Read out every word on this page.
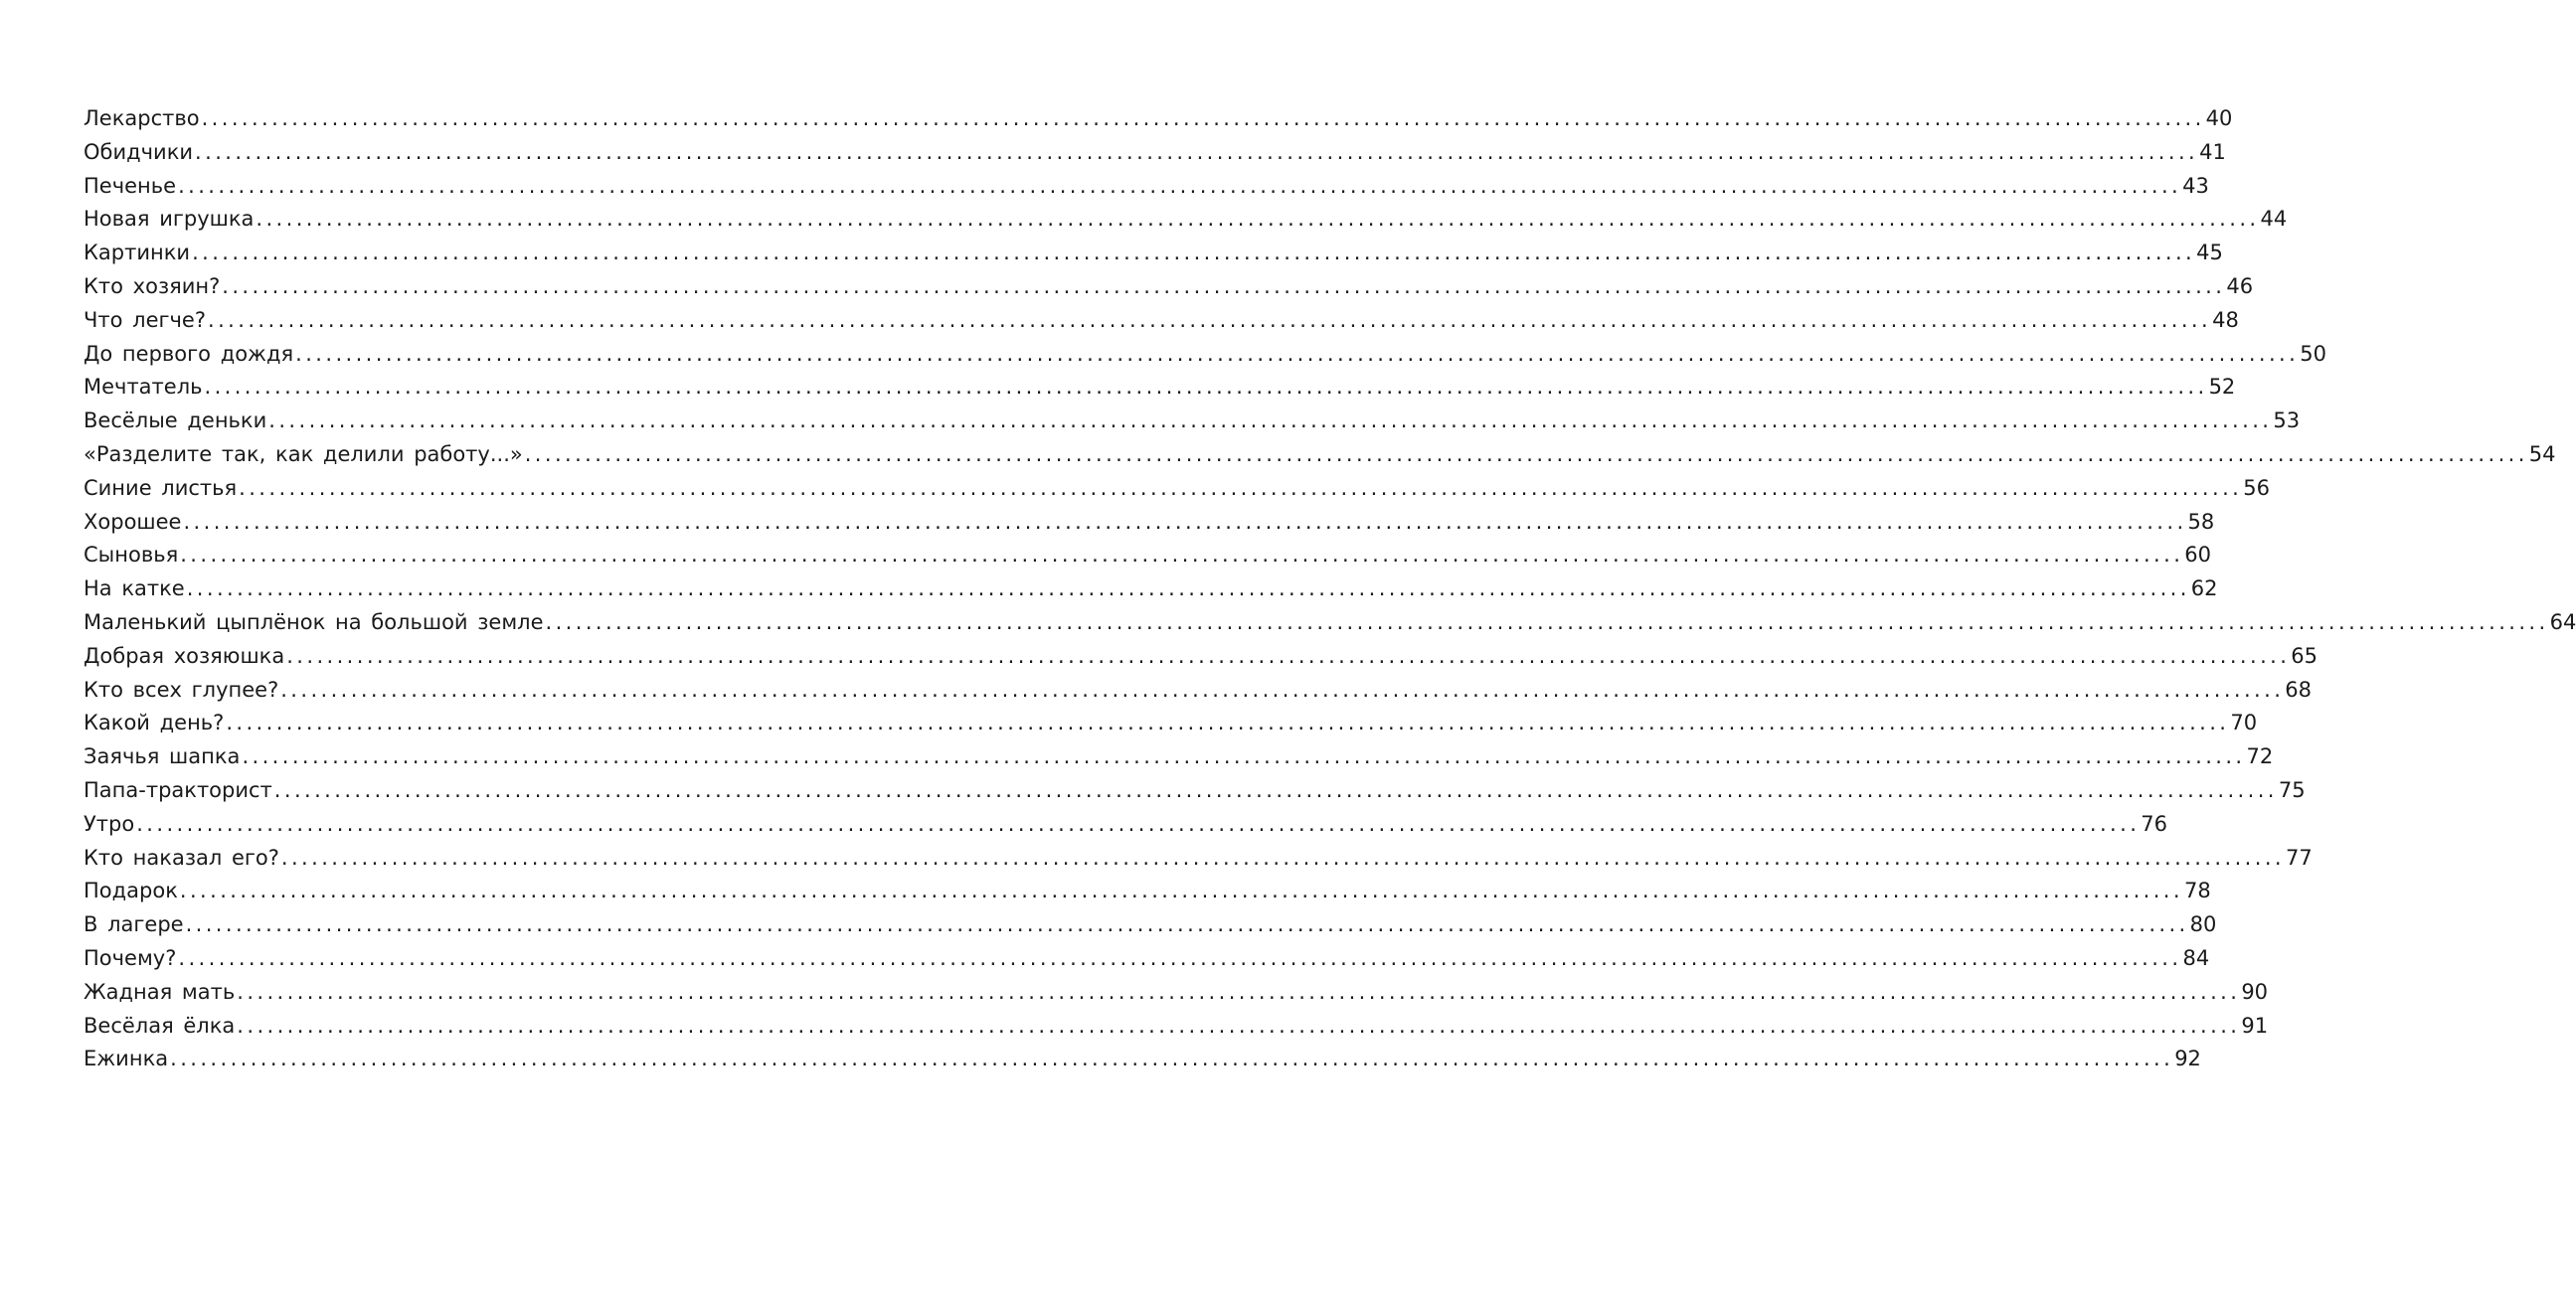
Лекарство ........................................................................................................................................................................................................ 40
Обидчики ........................................................................................................................................................................................................ 41
Печенье ........................................................................................................................................................................................................ 43
Новая игрушка ........................................................................................................................................................................................................ 44
Картинки ........................................................................................................................................................................................................ 45
Кто хозяин? ........................................................................................................................................................................................................ 46
Что легче? ........................................................................................................................................................................................................ 48
До первого дождя ........................................................................................................................................................................................................ 50
Мечтатель ........................................................................................................................................................................................................ 52
Весёлые деньки ........................................................................................................................................................................................................ 53
«Разделите так, как делили работу...» ........................................................................................................................................................................................................ 54
Синие листья ........................................................................................................................................................................................................ 56
Хорошее ........................................................................................................................................................................................................ 58
Сыновья ........................................................................................................................................................................................................ 60
На катке ........................................................................................................................................................................................................ 62
Маленький цыплёнок на большой земле ........................................................................................................................................................................................................ 64
Добрая хозяюшка ........................................................................................................................................................................................................ 65
Кто всех глупее? ........................................................................................................................................................................................................ 68
Какой день? ........................................................................................................................................................................................................ 70
Заячья шапка ........................................................................................................................................................................................................ 72
Папа-тракторист ........................................................................................................................................................................................................ 75
Утро ........................................................................................................................................................................................................ 76
Кто наказал его? ........................................................................................................................................................................................................ 77
Подарок ........................................................................................................................................................................................................ 78
В лагере ........................................................................................................................................................................................................ 80
Почему? ........................................................................................................................................................................................................ 84
Жадная мать ........................................................................................................................................................................................................ 90
Весёлая ёлка ........................................................................................................................................................................................................ 91
Ежинка ........................................................................................................................................................................................................ 92
